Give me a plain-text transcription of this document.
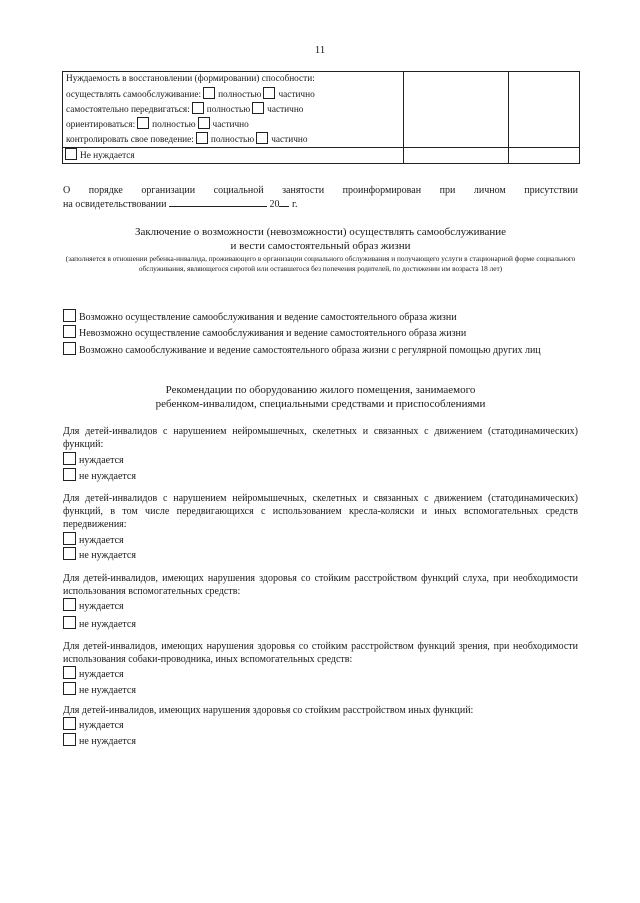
11
Нуждаемость в восстановлении (формировании) способности:
осуществлять самообслуживание: полностью частично
самостоятельно передвигаться: полностью частично
ориентироваться: полностью частично
контролировать свое поведение: полностью частично		

Не нуждается		
О порядке организации социальной занятости проинформирован при личном присутствии
на освидетельствовании	20 г.
Заключение о возможности (невозможности) осуществлять самообслуживание
и вести самостоятельный образ жизни
(заполняется в отношении ребенка-инвалида, проживающего в организации социального обслуживания и получающего услуги в стационарной форме социального обслуживания, являющегося сиротой или оставшегося без попечения родителей, по достижении им возраста 18 лет)
Возможно осуществление самообслуживания и ведение самостоятельного образа жизни
Невозможно осуществление самообслуживания и ведение самостоятельного образа жизни
Возможно самообслуживание и ведение самостоятельного образа жизни с регулярной помощью других лиц
Рекомендации по оборудованию жилого помещения, занимаемого
ребенком-инвалидом, специальными средствами и приспособлениями
Для детей-инвалидов с нарушением нейромышечных, скелетных и связанных с движением (статодинамических) функций:
нуждается
не нуждается
Для детей-инвалидов с нарушением нейромышечных, скелетных и связанных с движением (статодинамических) функций, в том числе передвигающихся с использованием кресла-коляски и иных вспомогательных средств передвижения:
нуждается
не нуждается
Для детей-инвалидов, имеющих нарушения здоровья со стойким расстройством функций слуха, при необходимости использования вспомогательных средств:
нуждается
не нуждается
Для детей-инвалидов, имеющих нарушения здоровья со стойким расстройством функций зрения, при необходимости использования собаки-проводника, иных вспомогательных средств:
нуждается
не нуждается
Для детей-инвалидов, имеющих нарушения здоровья со стойким расстройством иных функций:
нуждается
не нуждается
